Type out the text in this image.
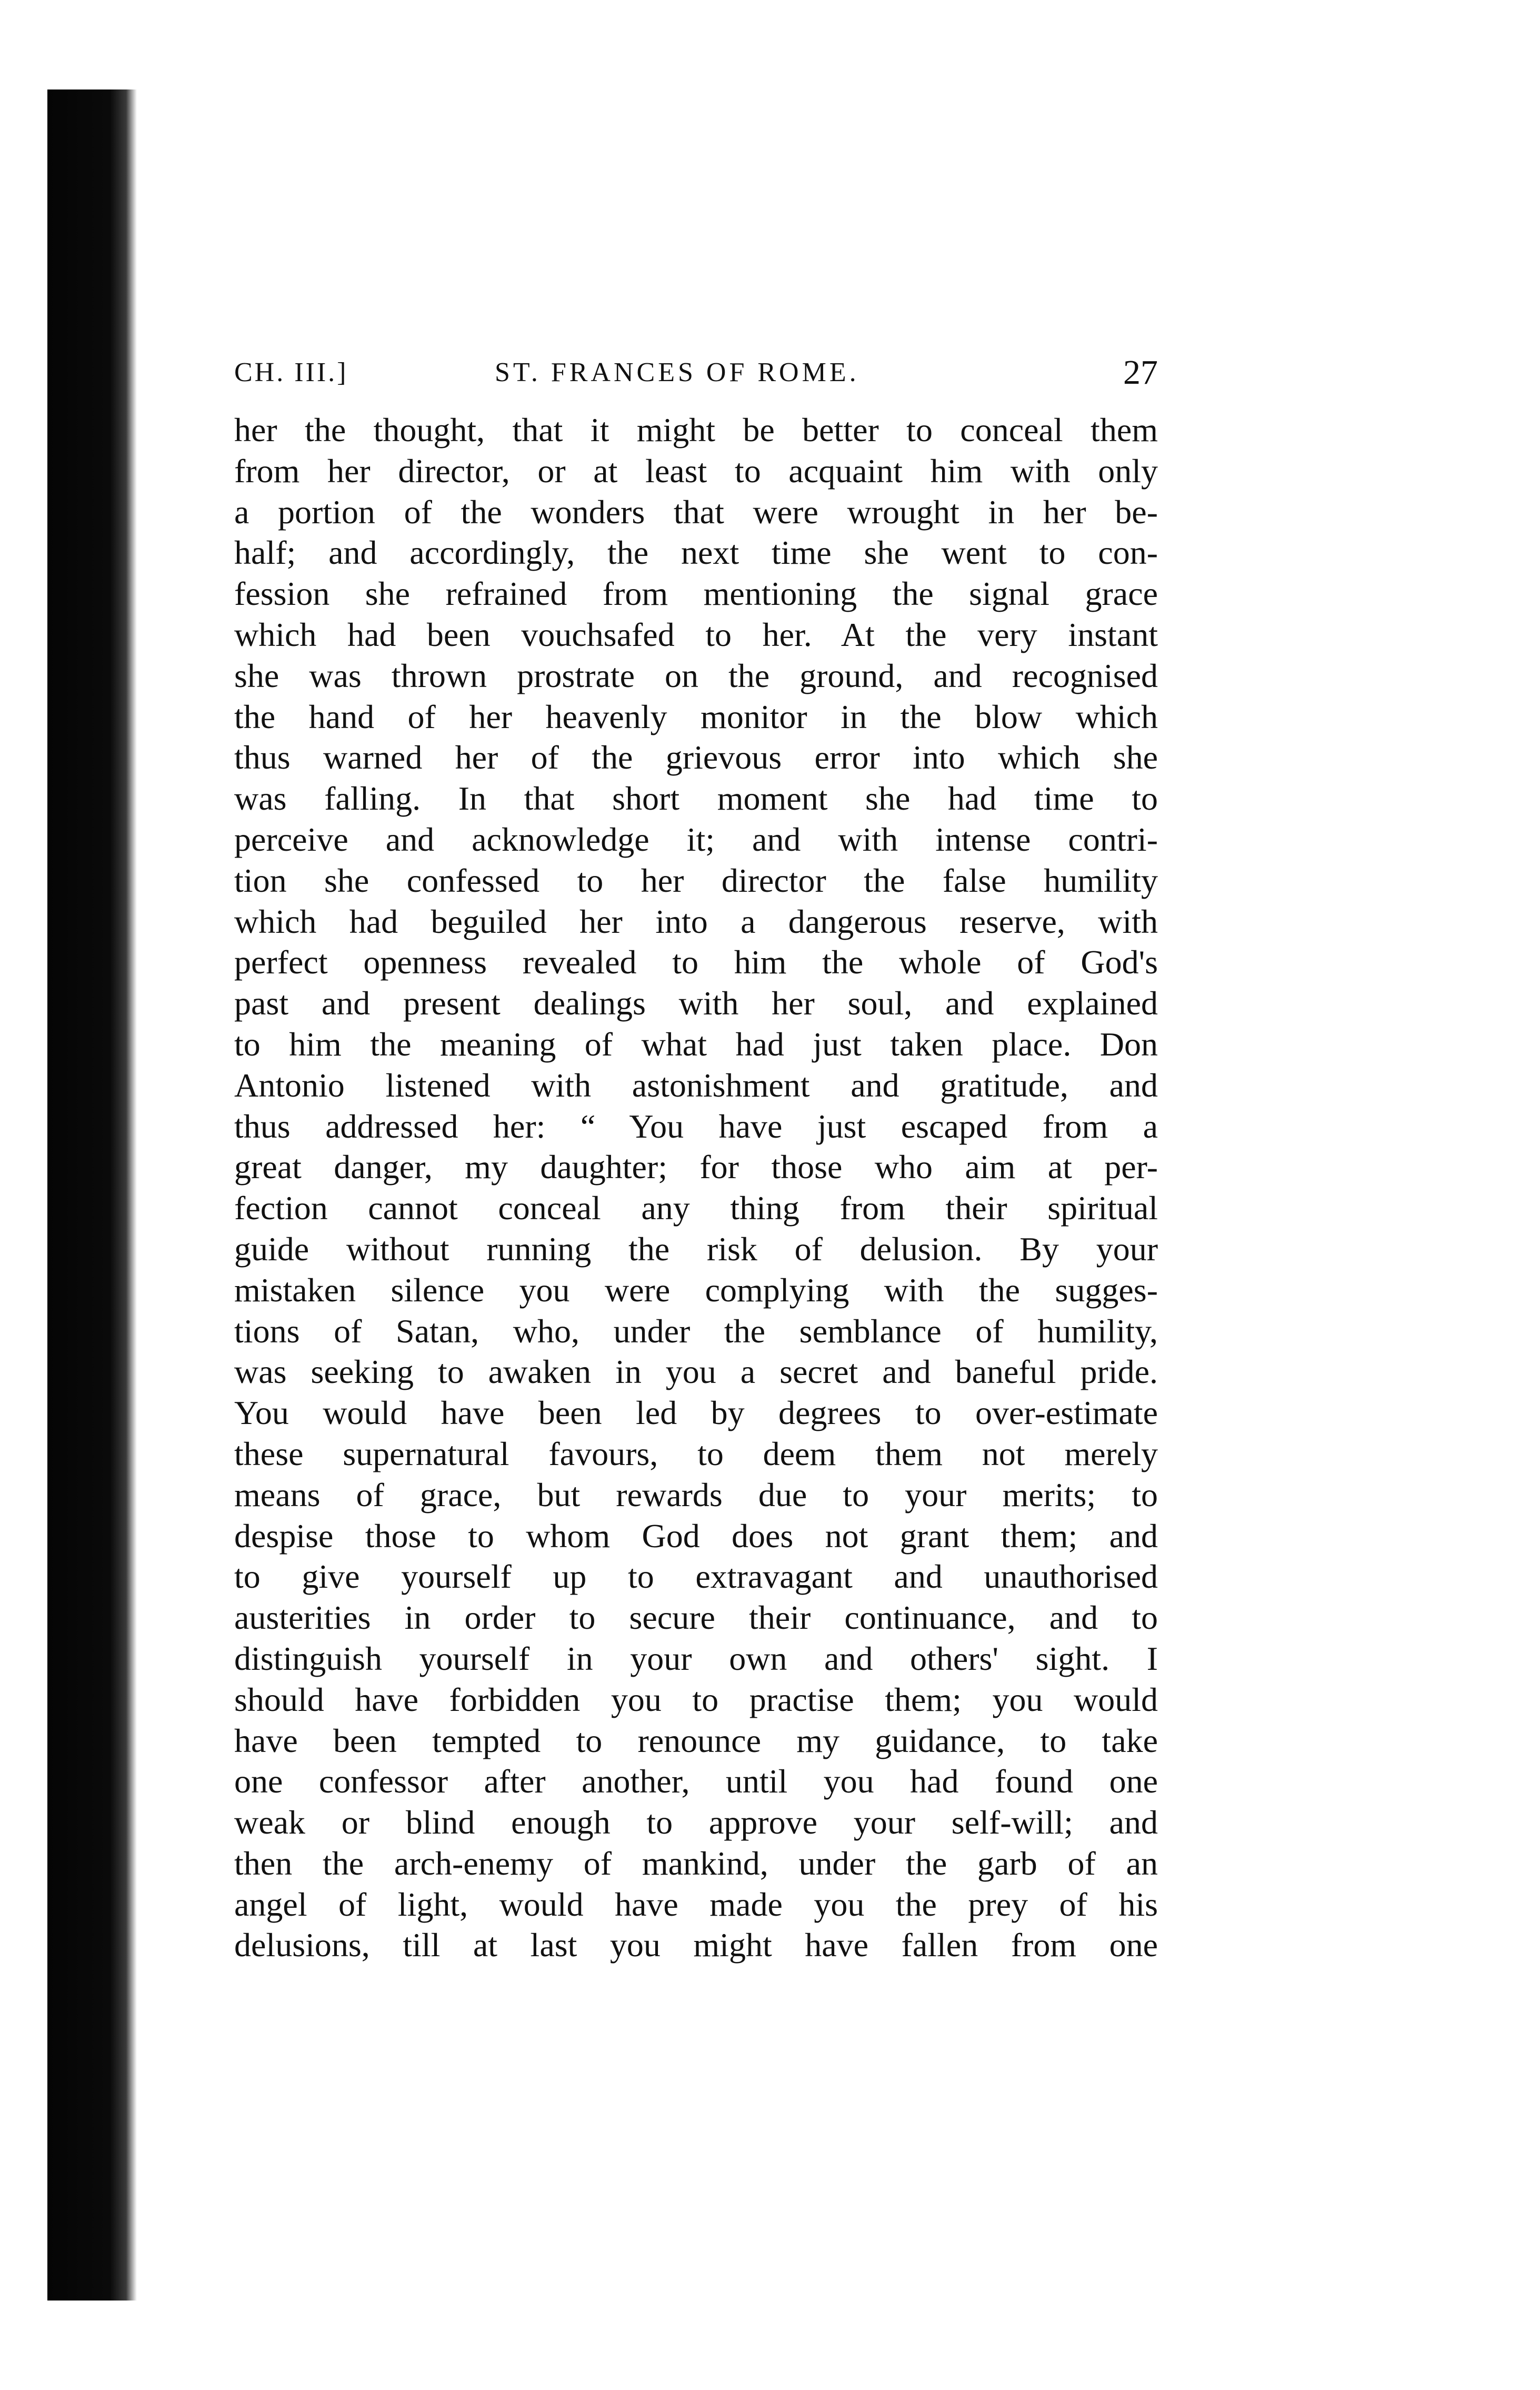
CH. III.]	ST. FRANCES OF ROME.	27
her the thought, that it might be better to conceal them
from her director, or at least to acquaint him with only
a portion of the wonders that were wrought in her be-
half; and accordingly, the next time she went to con-
fession she refrained from mentioning the signal grace
which had been vouchsafed to her. At the very instant
she was thrown prostrate on the ground, and recognised
the hand of her heavenly monitor in the blow which
thus warned her of the grievous error into which she
was falling. In that short moment she had time to
perceive and acknowledge it; and with intense contri-
tion she confessed to her director the false humility
which had beguiled her into a dangerous reserve, with
perfect openness revealed to him the whole of God's
past and present dealings with her soul, and explained
to him the meaning of what had just taken place. Don
Antonio listened with astonishment and gratitude, and
thus addressed her: “ You have just escaped from a
great danger, my daughter; for those who aim at per-
fection cannot conceal any thing from their spiritual
guide without running the risk of delusion. By your
mistaken silence you were complying with the sugges-
tions of Satan, who, under the semblance of humility,
was seeking to awaken in you a secret and baneful pride.
You would have been led by degrees to over-estimate
these supernatural favours, to deem them not merely
means of grace, but rewards due to your merits; to
despise those to whom God does not grant them; and
to give yourself up to extravagant and unauthorised
austerities in order to secure their continuance, and to
distinguish yourself in your own and others' sight. I
should have forbidden you to practise them; you would
have been tempted to renounce my guidance, to take
one confessor after another, until you had found one
weak or blind enough to approve your self-will; and
then the arch-enemy of mankind, under the garb of an
angel of light, would have made you the prey of his
delusions, till at last you might have fallen from one
